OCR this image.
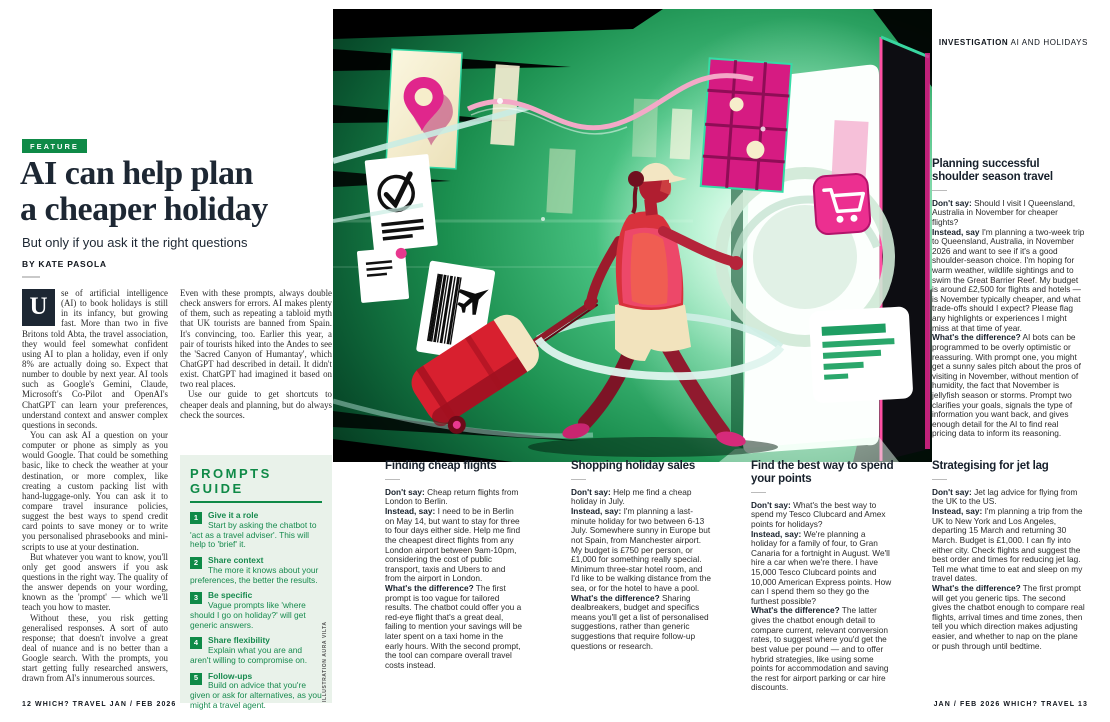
INVESTIGATION AI AND HOLIDAYS
FEATURE
AI can help plan
a cheaper holiday
But only if you ask it the right questions
BY KATE PASOLA
U

se of artificial intelligence (AI) to book holidays is still in its infancy, but growing fast. More than two in five Britons told Abta, the travel association, they would feel somewhat confident using AI to plan a holiday, even if only 8% are actually doing so. Expect that number to double by next year. AI tools such as Google's Gemini, Claude, Microsoft's Co-Pilot and OpenAI's ChatGPT can learn your preferences, understand context and answer complex questions in seconds.

You can ask AI a question on your computer or phone as simply as you would Google. That could be something basic, like to check the weather at your destination, or more complex, like creating a custom packing list with hand-luggage-only. You can ask it to compare travel insurance policies, suggest the best ways to spend credit card points to save money or to write you personalised phrasebooks and mini-scripts to use at your destination.

But whatever you want to know, you'll only get good answers if you ask questions in the right way. The quality of the answer depends on your wording, known as the 'prompt' — which we'll teach you how to master.

Without these, you risk getting generalised responses. A sort of auto response; that doesn't involve a great deal of nuance and is no better than a Google search. With the prompts, you start getting fully researched answers, drawn from AI's innumerous sources.

Even with these prompts, always double check answers for errors. AI makes plenty of them, such as repeating a tabloid myth that UK tourists are banned from Spain. It's convincing, too. Earlier this year, a pair of tourists hiked into the Andes to see the 'Sacred Canyon of Humantay', which ChatGPT had described in detail. It didn't exist. ChatGPT had imagined it based on two real places.

Use our guide to get shortcuts to cheaper deals and planning, but do always check the sources.

PROMPTS GUIDE
1	Give it a role
Start by asking the chatbot to 'act as a travel adviser'. This will help to 'brief' it.
2	Share context
The more it knows about your preferences, the better the results.
3	Be specific
Vague prompts like 'where should I go on holiday?' will get generic answers.
4	Share flexibility
Explain what you are and aren't willing to compromise on.
5	Follow-ups
Build on advice that you're given or ask for alternatives, as you might a travel agent.
ILLUSTRATION AURA VILTA
Planning successful shoulder season travel

Don't say: Should I visit I Queensland, Australia in November for cheaper flights?

Instead, say I'm planning a two-week trip to Queensland, Australia, in November 2026 and want to see if it's a good shoulder-season choice. I'm hoping for warm weather, wildlife sightings and to swim the Great Barrier Reef. My budget is around £2,500 for flights and hotels — is November typically cheaper, and what trade-offs should I expect? Please flag any highlights or experiences I might miss at that time of year.

What's the difference? AI bots can be programmed to be overly optimistic or reassuring. With prompt one, you might get a sunny sales pitch about the pros of visiting in November, without mention of humidity, the fact that November is jellyfish season or storms. Prompt two clarifies your goals, signals the type of information you want back, and gives enough detail for the AI to find real pricing data to inform its reasoning.

Finding cheap flights

Don't say: Cheap return flights from London to Berlin.

Instead, say: I need to be in Berlin on May 14, but want to stay for three to four days either side. Help me find the cheapest direct flights from any London airport between 9am-10pm, considering the cost of public transport, taxis and Ubers to and from the airport in London.

What's the difference? The first prompt is too vague for tailored results. The chatbot could offer you a red-eye flight that's a great deal, failing to mention your savings will be later spent on a taxi home in the early hours. With the second prompt, the tool can compare overall travel costs instead.

Shopping holiday sales

Don't say: Help me find a cheap holiday in July.

Instead, say: I'm planning a last-minute holiday for two between 6-13 July. Somewhere sunny in Europe but not Spain, from Manchester airport. My budget is £750 per person, or £1,000 for something really special. Minimum three-star hotel room, and I'd like to be walking distance from the sea, or for the hotel to have a pool.

What's the difference? Sharing dealbreakers, budget and specifics means you'll get a list of personalised suggestions, rather than generic suggestions that require follow-up questions or research.

Find the best way to spend your points

Don't say: What's the best way to spend my Tesco Clubcard and Amex points for holidays?

Instead, say: We're planning a holiday for a family of four, to Gran Canaria for a fortnight in August. We'll hire a car when we're there. I have 15,000 Tesco Clubcard points and 10,000 American Express points. How can I spend them so they go the furthest possible?

What's the difference? The latter gives the chatbot enough detail to compare current, relevant conversion rates, to suggest where you'd get the best value per pound — and to offer hybrid strategies, like using some points for accommodation and saving the rest for airport parking or car hire discounts.

Strategising for jet lag

Don't say: Jet lag advice for flying from the UK to the US.

Instead, say: I'm planning a trip from the UK to New York and Los Angeles, departing 15 March and returning 30 March. Budget is £1,000. I can fly into either city. Check flights and suggest the best order and times for reducing jet lag. Tell me what time to eat and sleep on my travel dates.

What's the difference? The first prompt will get you generic tips. The second gives the chatbot enough to compare real flights, arrival times and time zones, then tell you which direction makes adjusting easier, and whether to nap on the plane or push through until bedtime.

12 WHICH? TRAVEL JAN / FEB 2026	JAN / FEB 2026 WHICH? TRAVEL 13
